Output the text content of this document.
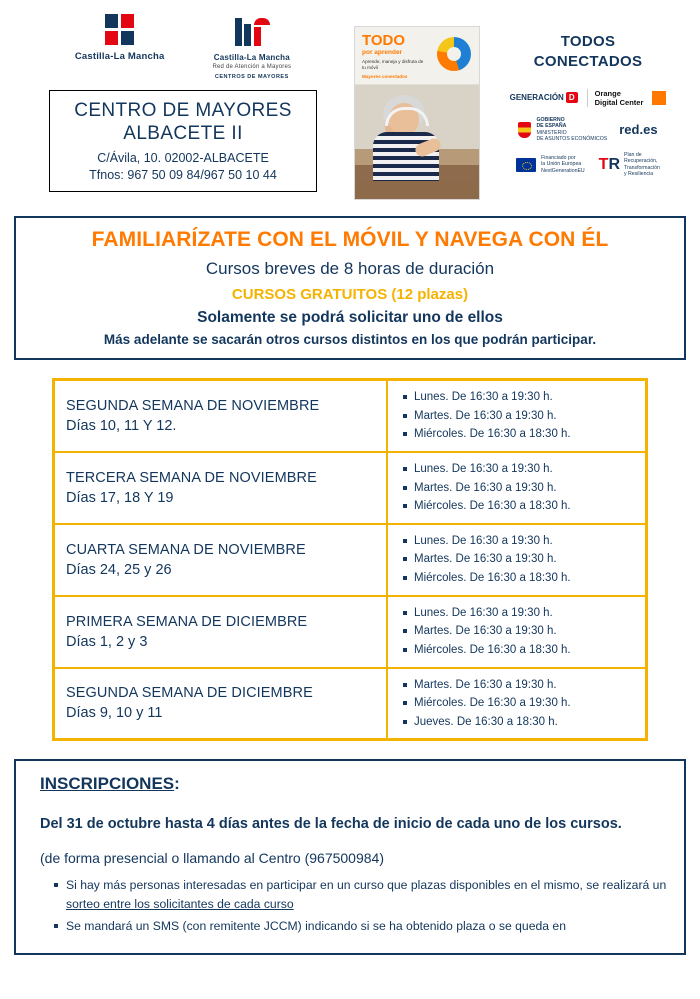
Castilla-La Mancha	Castilla-La Mancha
Red de Atención a Mayores
CENTROS DE MAYORES
CENTRO DE MAYORES
ALBACETE II
C/Ávila, 10. 02002-ALBACETE
Tfnos: 967 50 09 84/967 50 10 44
TODO
por aprender
Aprende, maneja y disfruta de tu móvil
Mayores conectados
TODOS
CONECTADOS
GENERACIÓN D	Orange
Digital Center
GOBIERNO
DE ESPAÑA
MINISTERIO
DE ASUNTOS ECONÓMICOS
red.es
Financiado por
la Unión Europea
NextGenerationEU TR
Plan de
Recuperación,
Transformación
y Resiliencia
FAMILIARÍZATE CON EL MÓVIL Y NAVEGA CON ÉL
Cursos breves de 8 horas de duración
CURSOS GRATUITOS (12 plazas)
Solamente se podrá solicitar uno de ellos
Más adelante se sacarán otros cursos distintos en los que podrán participar.
SEGUNDA SEMANA DE NOVIEMBRE
Días 10, 11 Y 12.

Lunes. De 16:30 a 19:30 h.
Martes. De 16:30 a 19:30 h.
Miércoles. De 16:30 a 18:30 h.

TERCERA SEMANA DE NOVIEMBRE
Días 17, 18 Y 19

Lunes. De 16:30 a 19:30 h.
Martes. De 16:30 a 19:30 h.
Miércoles. De 16:30 a 18:30 h.

CUARTA SEMANA DE NOVIEMBRE
Días 24, 25 y 26

Lunes. De 16:30 a 19:30 h.
Martes. De 16:30 a 19:30 h.
Miércoles. De 16:30 a 18:30 h.

PRIMERA SEMANA DE DICIEMBRE
Días 1, 2 y 3

Lunes. De 16:30 a 19:30 h.
Martes. De 16:30 a 19:30 h.
Miércoles. De 16:30 a 18:30 h.

SEGUNDA SEMANA DE DICIEMBRE
Días 9, 10 y 11

Martes. De 16:30 a 19:30 h.
Miércoles. De 16:30 a 19:30 h.
Jueves. De 16:30 a 18:30 h.
INSCRIPCIONES:
Del 31 de octubre hasta 4 días antes de la fecha de inicio de cada uno de los cursos.
(de forma presencial o llamando al Centro (967500984)
Si hay más personas interesadas en participar en un curso que plazas disponibles en el mismo, se realizará un sorteo entre los solicitantes de cada curso
Se mandará un SMS (con remitente JCCM) indicando si se ha obtenido plaza o se queda en
